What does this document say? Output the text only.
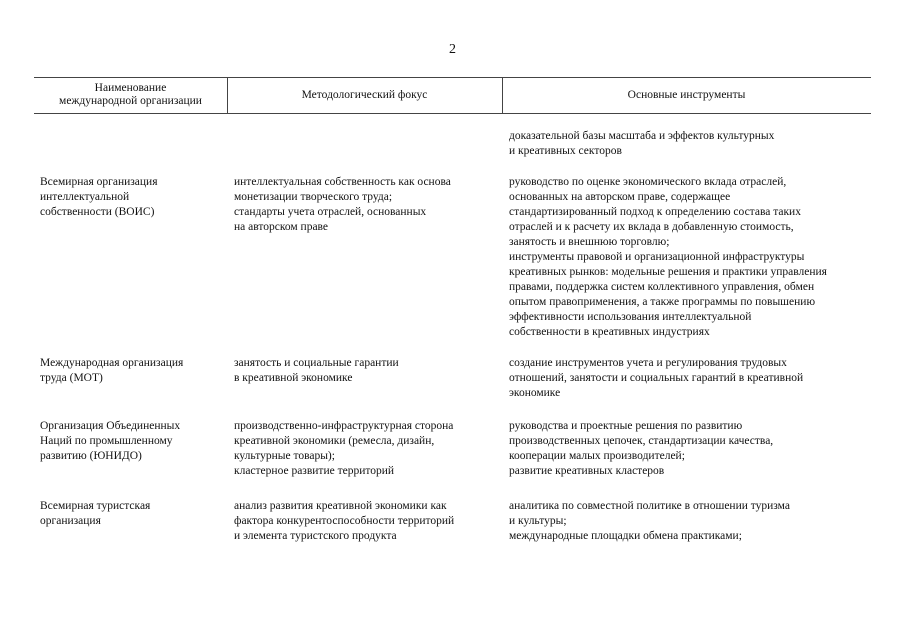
2
Наименование
международной организации
Методологический фокус	Основные инструменты
доказательной базы масштаба и эффектов культурных
и креативных секторов
Всемирная организация
интеллектуальной
собственности (ВОИС)
интеллектуальная собственность как основа
монетизации творческого труда;
стандарты учета отраслей, основанных
на авторском праве
руководство по оценке экономического вклада отраслей,
основанных на авторском праве, содержащее
стандартизированный подход к определению состава таких
отраслей и к расчету их вклада в добавленную стоимость,
занятость и внешнюю торговлю;
инструменты правовой и организационной инфраструктуры
креативных рынков: модельные решения и практики управления
правами, поддержка систем коллективного управления, обмен
опытом правоприменения, а также программы по повышению
эффективности использования интеллектуальной
собственности в креативных индустриях
Международная организация
труда (МОТ)
занятость и социальные гарантии
в креативной экономике
создание инструментов учета и регулирования трудовых
отношений, занятости и социальных гарантий в креативной
экономике
Организация Объединенных
Наций по промышленному
развитию (ЮНИДО)
производственно-инфраструктурная сторона
креативной экономики (ремесла, дизайн,
культурные товары);
кластерное развитие территорий
руководства и проектные решения по развитию
производственных цепочек, стандартизации качества,
кооперации малых производителей;
развитие креативных кластеров
Всемирная туристская
организация
анализ развития креативной экономики как
фактора конкурентоспособности территорий
и элемента туристского продукта
аналитика по совместной политике в отношении туризма
и культуры;
международные площадки обмена практиками;
